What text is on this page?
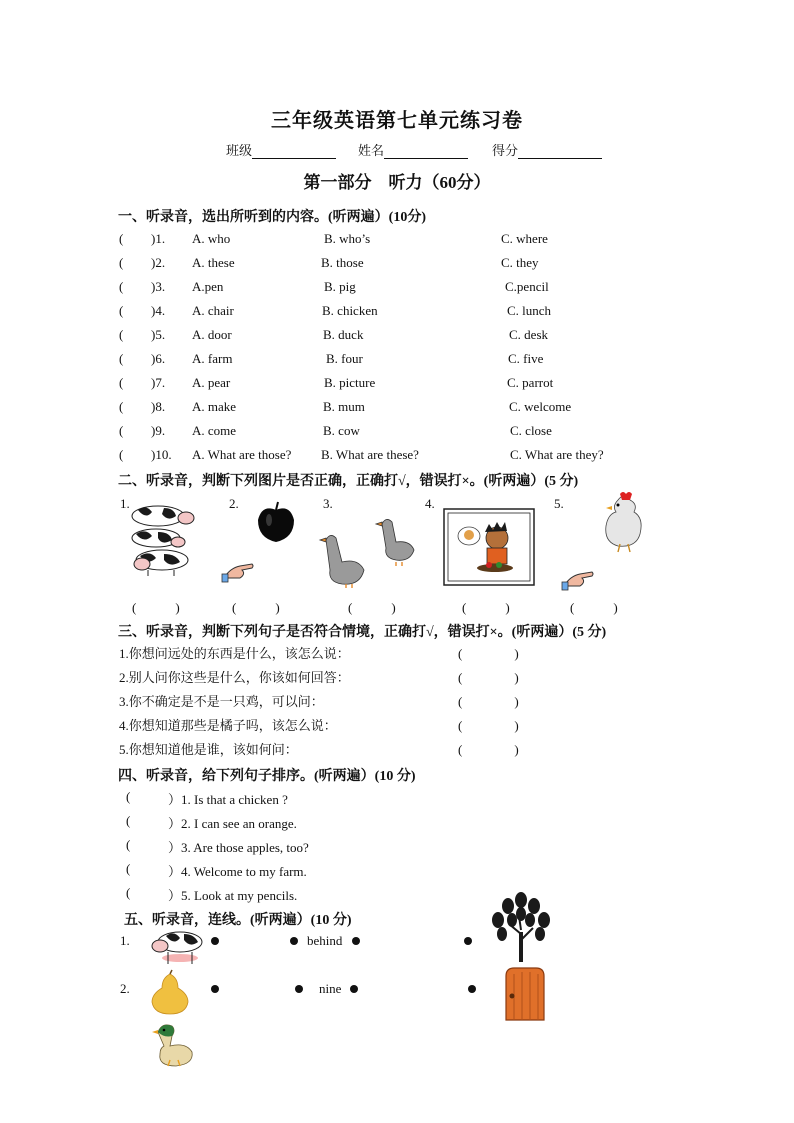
三年级英语第七单元练习卷
班级	姓名	得分
第一部分　听力（60分）
一、听录音，选出所听到的内容。(听两遍）(10分)
( )1. A. who	B. who’s	C. where
( )2. A. these	B. those	C. they
( )3. A.pen	B. pig	C.pencil
( )4. A. chair	B. chicken	C. lunch
( )5. A. door	B. duck	C. desk
( )6. A. farm	B. four	C. five
( )7. A. pear	B. picture	C. parrot
( )8. A. make	B. mum	C. welcome
( )9. A. come	B. cow	C. close
( )10. A. What are those? B. What are these?	C. What are they?
二、听录音，判断下列图片是否正确，正确打√，错误打×。(听两遍）(5 分)
1.	2.	3.	4.	5.
(　　　)	(　　　)	(　　　)	(　　　)	(　　　)
三、听录音，判断下列句子是否符合情境，正确打√，错误打×。(听两遍）(5 分)
1.你想问远处的东西是什么，该怎么说：	(　　　　)
2.别人问你这些是什么，你该如何回答：	(　　　　)
3.你不确定是不是一只鸡，可以问：	(　　　　)
4.你想知道那些是橘子吗，该怎么说：	(　　　　)
5.你想知道他是谁，该如何问：	(　　　　)
四、听录音，给下列句子排序。(听两遍）(10 分)
(	）1. Is that a chicken ?
(	）2. I can see an orange.
(	）3. Are those apples, too?
(	）4. Welcome to my farm.
(	）5. Look at my pencils.
五、听录音，连线。(听两遍）(10 分)
1.	behind
2.	nine
